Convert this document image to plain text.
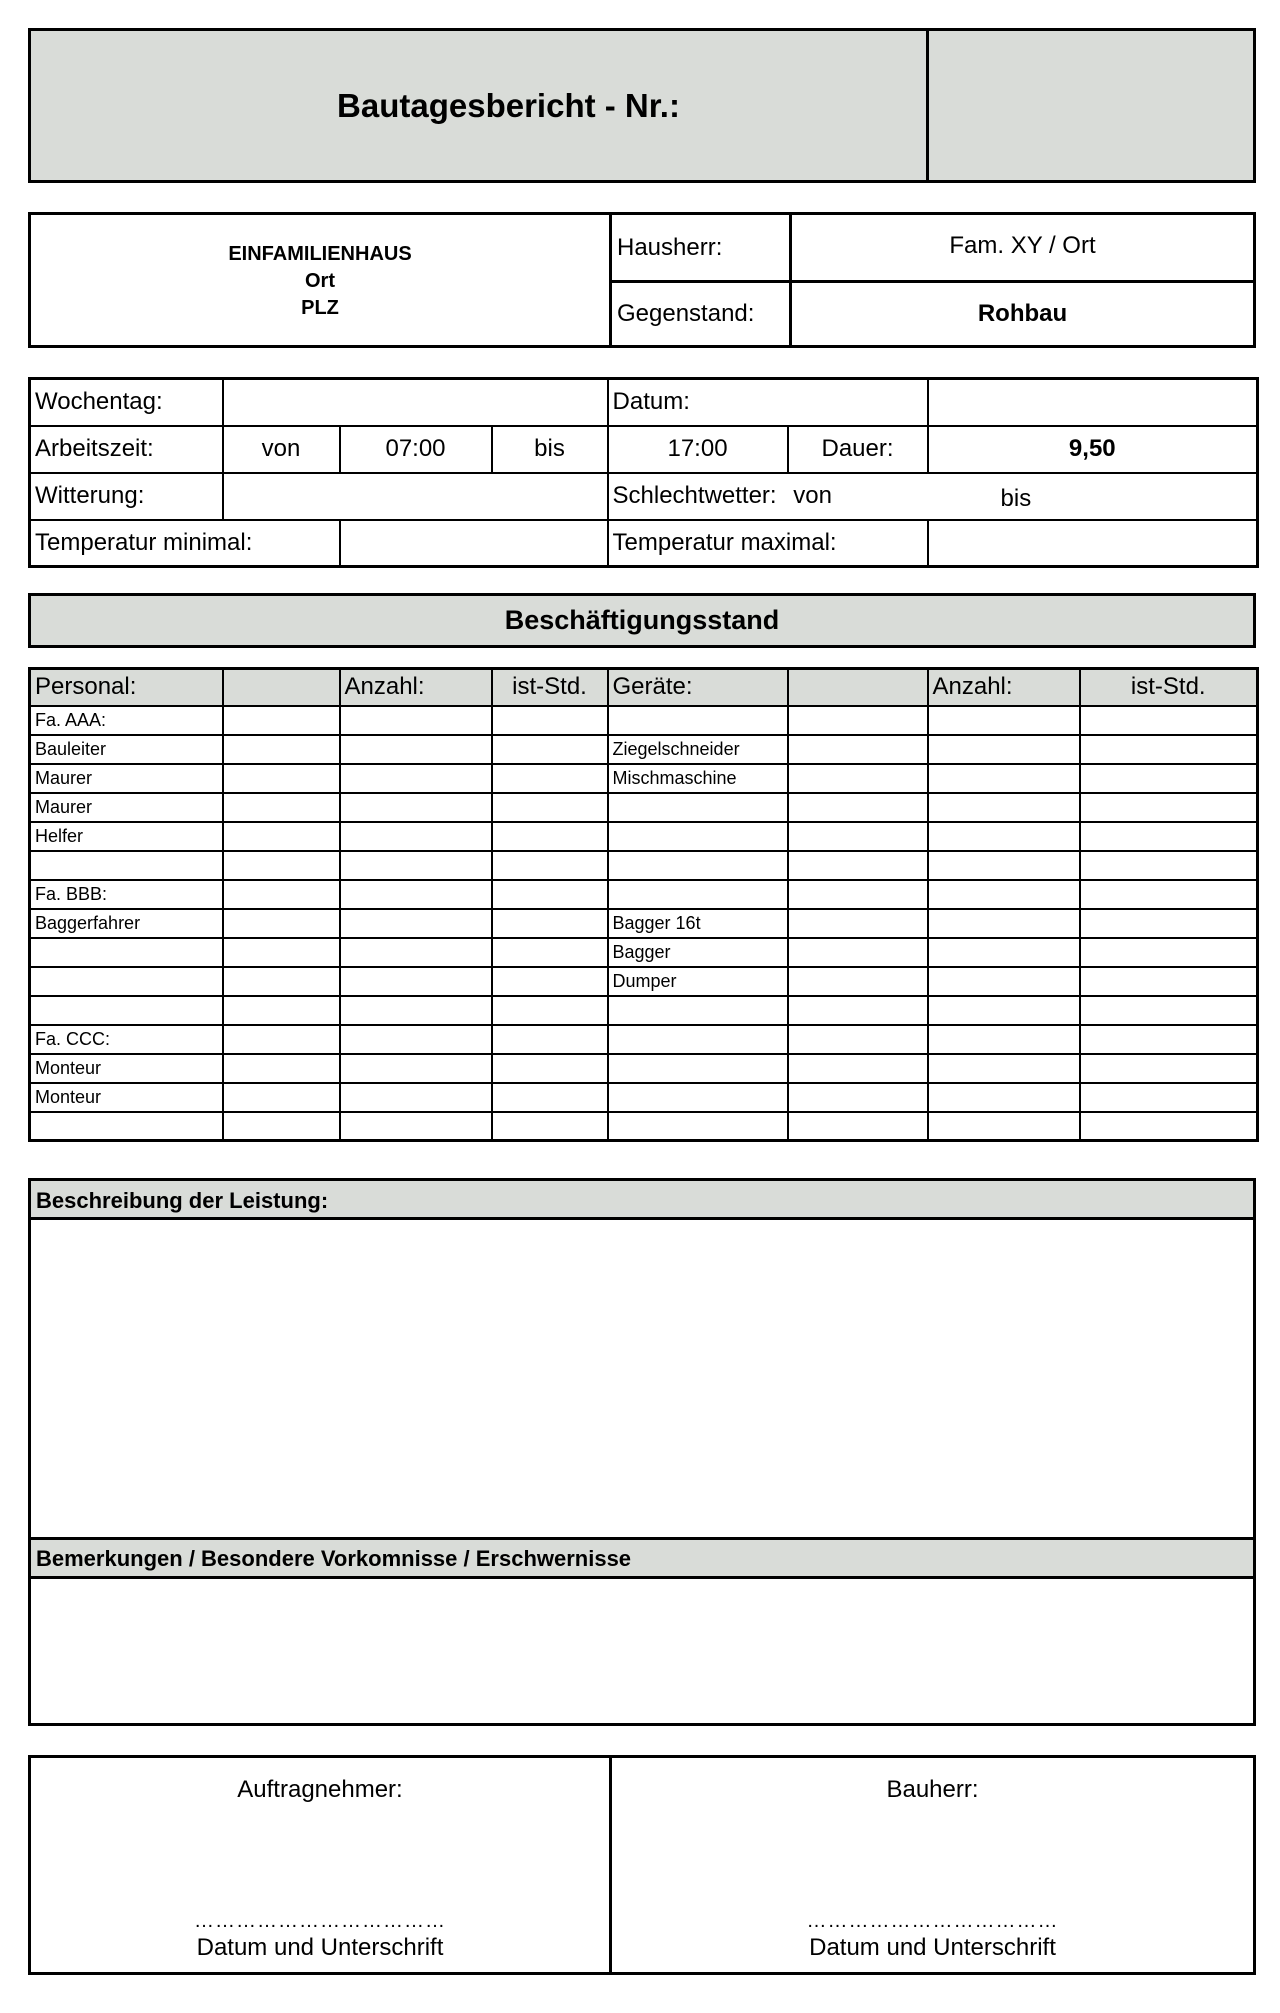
Bautagesbericht - Nr.:
EINFAMILIENHAUS
Ort
PLZ
Hausherr:	Fam. XY / Ort
Gegenstand:	Rohbau
Wochentag:				Datum:		
Arbeitszeit:	von	07:00	bis	17:00	Dauer:	9,50
Witterung:				Schlechtwetter: von bis		

Temperatur minimal:				Temperatur maximal:		
Beschäftigungsstand
Personal:		Anzahl:	ist-Std.	Geräte:		Anzahl:	ist-Std.
Fa. AAA:							
Bauleiter				Ziegelschneider			
Maurer				Mischmaschine			
Maurer							
Helfer							

Fa. BBB:							
Baggerfahrer				Bagger 16t			
				Bagger			
				Dumper			

Fa. CCC:							
Monteur							
Monteur							

Beschreibung der Leistung:
Bemerkungen / Besondere Vorkomnisse / Erschwernisse
Auftragnehmer:
………………………………
Datum und Unterschrift
Bauherr:
………………………………
Datum und Unterschrift
